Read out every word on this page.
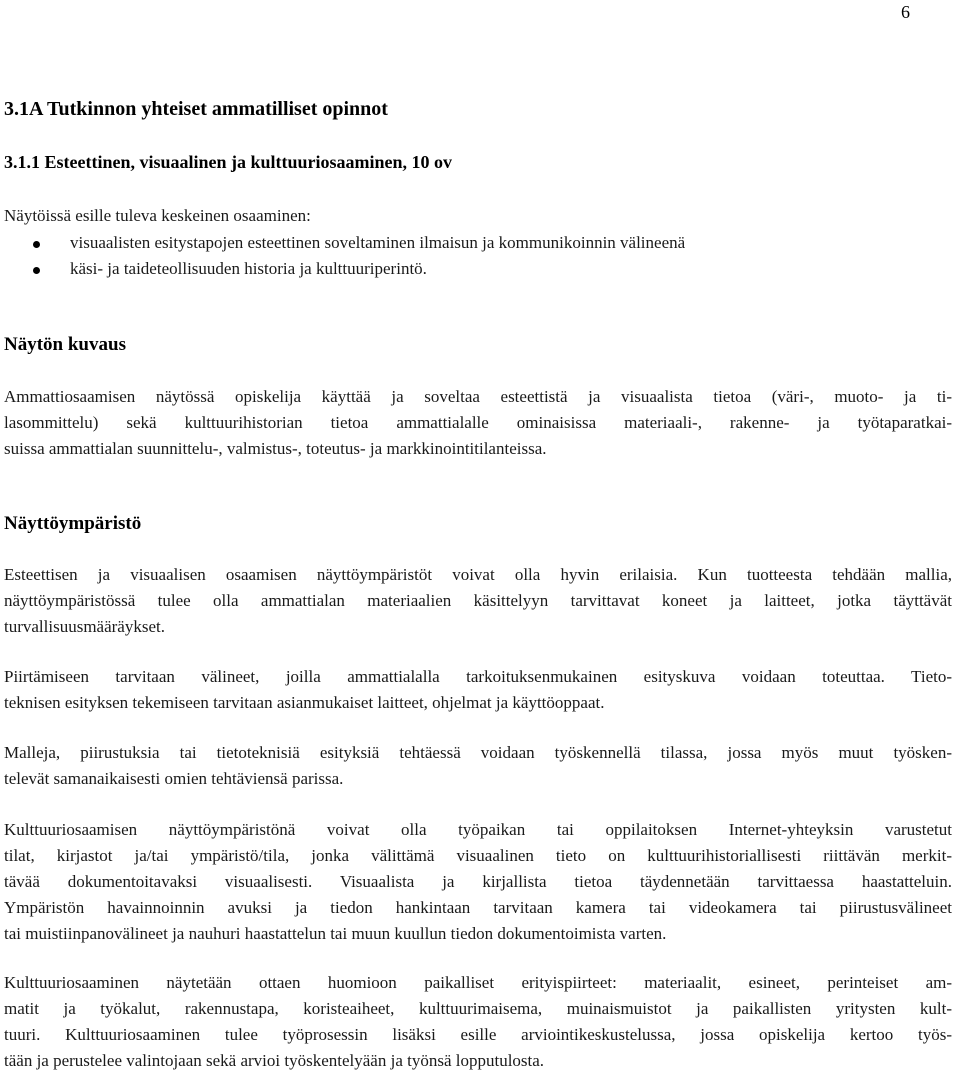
6
3.1A Tutkinnon yhteiset ammatilliset opinnot
3.1.1 Esteettinen, visuaalinen ja kulttuuriosaaminen, 10 ov
Näytöissä esille tuleva keskeinen osaaminen:
visuaalisten esitystapojen esteettinen soveltaminen ilmaisun ja kommunikoinnin välineenä
käsi- ja taideteollisuuden historia ja kulttuuriperintö.
Näytön kuvaus
Ammattiosaamisen näytössä opiskelija käyttää ja soveltaa esteettistä ja visuaalista tietoa (väri-, muoto- ja ti-
lasommittelu) sekä kulttuurihistorian tietoa ammattialalle ominaisissa materiaali-, rakenne- ja työtaparatkai-
suissa ammattialan suunnittelu-, valmistus-, toteutus- ja markkinointitilanteissa.
Näyttöympäristö
Esteettisen ja visuaalisen osaamisen näyttöympäristöt voivat olla hyvin erilaisia. Kun tuotteesta tehdään mallia,
näyttöympäristössä tulee olla ammattialan materiaalien käsittelyyn tarvittavat koneet ja laitteet, jotka täyttävät
turvallisuusmääräykset.
Piirtämiseen tarvitaan välineet, joilla ammattialalla tarkoituksenmukainen esityskuva voidaan toteuttaa. Tieto-
teknisen esityksen tekemiseen tarvitaan asianmukaiset laitteet, ohjelmat ja käyttöoppaat.
Malleja, piirustuksia tai tietoteknisiä esityksiä tehtäessä voidaan työskennellä tilassa, jossa myös muut työsken-
televät samanaikaisesti omien tehtäviensä parissa.
Kulttuuriosaamisen näyttöympäristönä voivat olla työpaikan tai oppilaitoksen Internet-yhteyksin varustetut
tilat, kirjastot ja/tai ympäristö/tila, jonka välittämä visuaalinen tieto on kulttuurihistoriallisesti riittävän merkit-
tävää dokumentoitavaksi visuaalisesti. Visuaalista ja kirjallista tietoa täydennetään tarvittaessa haastatteluin.
Ympäristön havainnoinnin avuksi ja tiedon hankintaan tarvitaan kamera tai videokamera tai piirustusvälineet
tai muistiinpanovälineet ja nauhuri haastattelun tai muun kuullun tiedon dokumentoimista varten.
Kulttuuriosaaminen näytetään ottaen huomioon paikalliset erityispiirteet: materiaalit, esineet, perinteiset am-
matit ja työkalut, rakennustapa, koristeaiheet, kulttuurimaisema, muinaismuistot ja paikallisten yritysten kult-
tuuri. Kulttuuriosaaminen tulee työprosessin lisäksi esille arviointikeskustelussa, jossa opiskelija kertoo työs-
tään ja perustelee valintojaan sekä arvioi työskentelyään ja työnsä lopputulosta.
